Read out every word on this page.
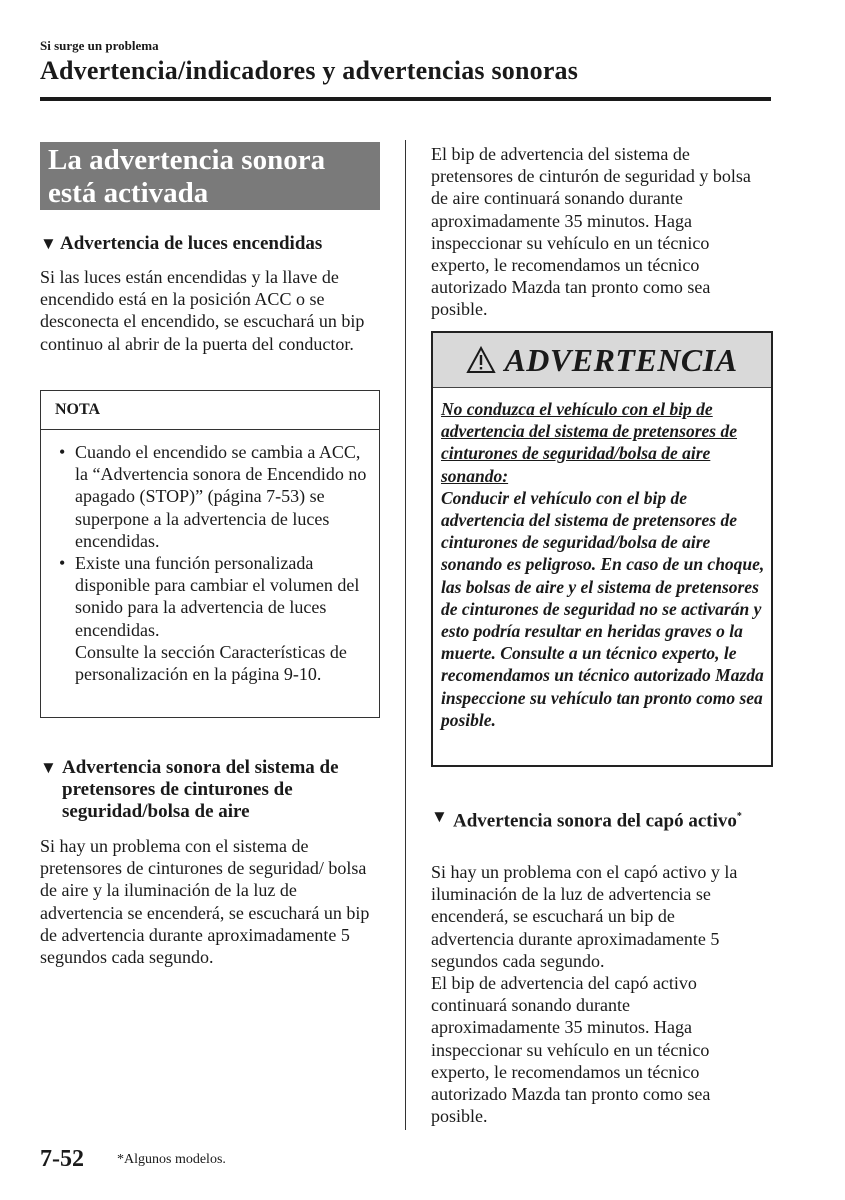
Si surge un problema
Advertencia/indicadores y advertencias sonoras
La advertencia sonora
está activada
▼ Advertencia de luces encendidas
Si las luces están encendidas y la llave de encendido está en la posición ACC o se desconecta el encendido, se escuchará un bip continuo al abrir de la puerta del conductor.
NOTA
• Cuando el encendido se cambia a ACC, la “Advertencia sonora de Encendido no apagado (STOP)” (página 7-53) se superpone a la advertencia de luces encendidas.
• Existe una función personalizada disponible para cambiar el volumen del sonido para la advertencia de luces encendidas.
Consulte la sección Características de personalización en la página 9-10.
▼ Advertencia sonora del sistema de pretensores de cinturones de seguridad/bolsa de aire
Si hay un problema con el sistema de pretensores de cinturones de seguridad/ bolsa de aire y la iluminación de la luz de advertencia se encenderá, se escuchará un bip de advertencia durante aproximadamente 5 segundos cada segundo.
El bip de advertencia del sistema de pretensores de cinturón de seguridad y bolsa de aire continuará sonando durante aproximadamente 35 minutos. Haga inspeccionar su vehículo en un técnico experto, le recomendamos un técnico autorizado Mazda tan pronto como sea posible.
ADVERTENCIA
No conduzca el vehículo con el bip de advertencia del sistema de pretensores de cinturones de seguridad/bolsa de aire sonando:
Conducir el vehículo con el bip de advertencia del sistema de pretensores de cinturones de seguridad/bolsa de aire sonando es peligroso. En caso de un choque, las bolsas de aire y el sistema de pretensores de cinturones de seguridad no se activarán y esto podría resultar en heridas graves o la muerte. Consulte a un técnico experto, le recomendamos un técnico autorizado Mazda inspeccione su vehículo tan pronto como sea posible.
▼ Advertencia sonora del capó activo*
Si hay un problema con el capó activo y la iluminación de la luz de advertencia se encenderá, se escuchará un bip de advertencia durante aproximadamente 5 segundos cada segundo.
El bip de advertencia del capó activo continuará sonando durante aproximadamente 35 minutos. Haga inspeccionar su vehículo en un técnico experto, le recomendamos un técnico autorizado Mazda tan pronto como sea posible.
7-52 *Algunos modelos.
